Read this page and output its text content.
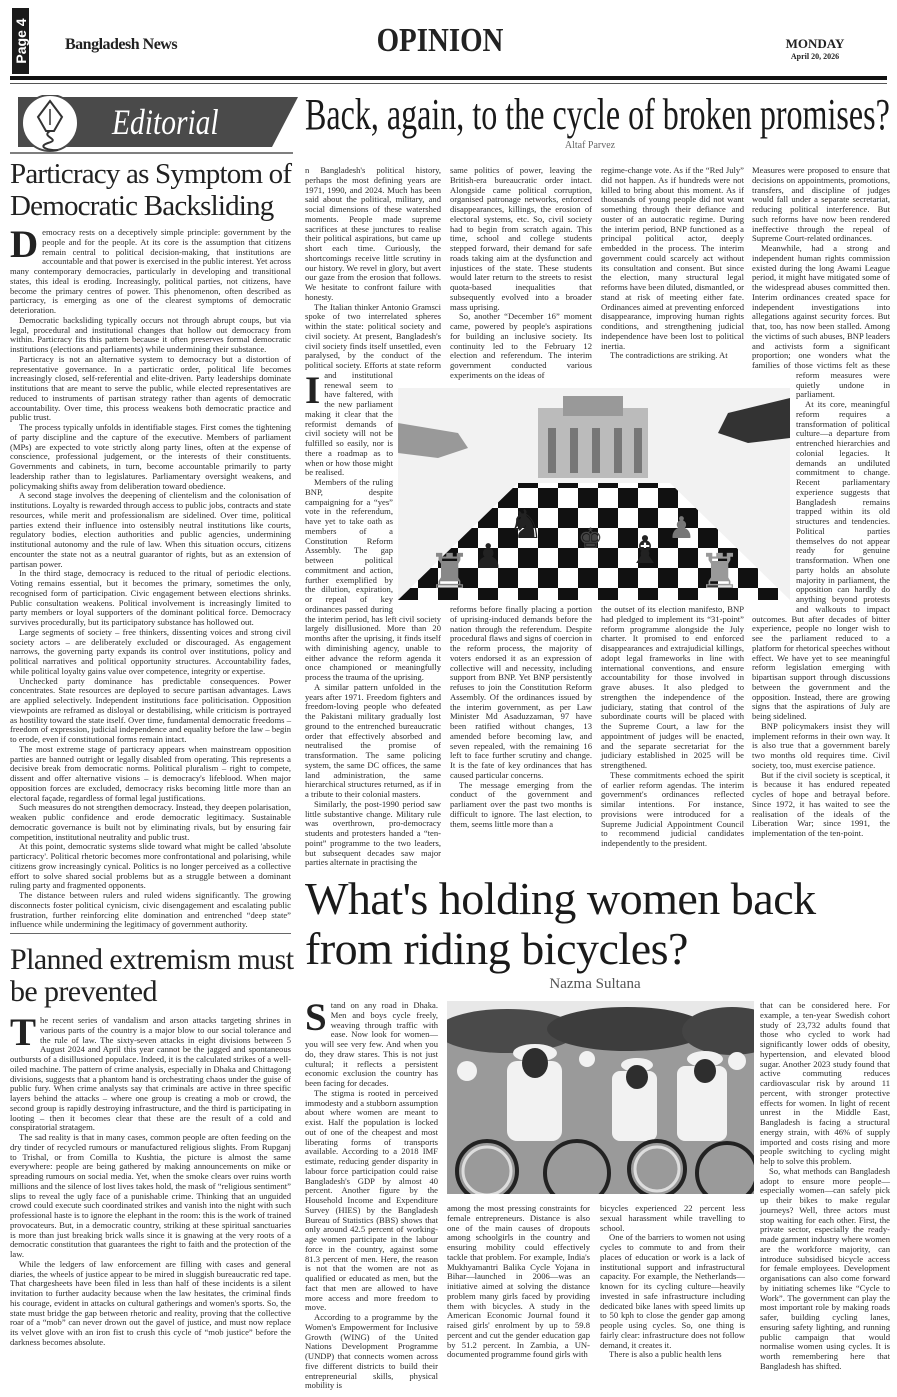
Page 4 Bangladesh News	OPINION	MONDAY
April 20, 2026
Editorial
Particracy as Symptom of Democratic Backsliding

Democracy rests on a deceptively simple principle: government by the people and for the people. At its core is the assumption that citizens remain central to political decision-making, that institutions are accountable and that power is exercised in the public interest. Yet across many contemporary democracies, particularly in developing and transitional states, this ideal is eroding. Increasingly, political parties, not citizens, have become the primary centres of power. This phenomenon, often described as particracy, is emerging as one of the clearest symptoms of democratic deterioration.

Democratic backsliding typically occurs not through abrupt coups, but via legal, procedural and institutional changes that hollow out democracy from within. Particracy fits this pattern because it often preserves formal democratic institutions (elections and parliaments) while undermining their substance.

Particracy is not an alternative system to democracy but a distortion of representative governance. In a particratic order, political life becomes increasingly closed, self-referential and elite-driven. Party leaderships dominate institutions that are meant to serve the public, while elected representatives are reduced to instruments of partisan strategy rather than agents of democratic accountability. Over time, this process weakens both democratic practice and public trust.

The process typically unfolds in identifiable stages. First comes the tightening of party discipline and the capture of the executive. Members of parliament (MPs) are expected to vote strictly along party lines, often at the expense of conscience, professional judgement, or the interests of their constituents. Governments and cabinets, in turn, become accountable primarily to party leadership rather than to legislatures. Parliamentary oversight weakens, and policymaking shifts away from deliberation toward obedience.

A second stage involves the deepening of clientelism and the colonisation of institutions. Loyalty is rewarded through access to public jobs, contracts and state resources, while merit and professionalism are sidelined. Over time, political parties extend their influence into ostensibly neutral institutions like courts, regulatory bodies, election authorities and public agencies, undermining institutional autonomy and the rule of law. When this situation occurs, citizens encounter the state not as a neutral guarantor of rights, but as an extension of partisan power.

In the third stage, democracy is reduced to the ritual of periodic elections. Voting remains essential, but it becomes the primary, sometimes the only, recognised form of participation. Civic engagement between elections shrinks. Public consultation weakens. Political involvement is increasingly limited to party members or loyal supporters of the dominant political force. Democracy survives procedurally, but its participatory substance has hollowed out.

Large segments of society – free thinkers, dissenting voices and strong civil society actors – are deliberately excluded or discouraged. As engagement narrows, the governing party expands its control over institutions, policy and political narratives and political opportunity structures. Accountability fades, while political loyalty gains value over competence, integrity or expertise.

Unchecked party dominance has predictable consequences. Power concentrates. State resources are deployed to secure partisan advantages. Laws are applied selectively. Independent institutions face politicisation. Opposition viewpoints are reframed as disloyal or destabilising, while criticism is portrayed as hostility toward the state itself. Over time, fundamental democratic freedoms – freedom of expression, judicial independence and equality before the law – begin to erode, even if constitutional forms remain intact.

The most extreme stage of particracy appears when mainstream opposition parties are banned outright or legally disabled from operating. This represents a decisive break from democratic norms. Political pluralism – right to compete, dissent and offer alternative visions – is democracy's lifeblood. When major opposition forces are excluded, democracy risks becoming little more than an electoral façade, regardless of formal legal justifications.

Such measures do not strengthen democracy. Instead, they deepen polarisation, weaken public confidence and erode democratic legitimacy. Sustainable democratic governance is built not by eliminating rivals, but by ensuring fair competition, institutional neutrality and public trust.

At this point, democratic systems slide toward what might be called 'absolute particracy'. Political rhetoric becomes more confrontational and polarising, while citizens grow increasingly cynical. Politics is no longer perceived as a collective effort to solve shared social problems but as a struggle between a dominant ruling party and fragmented opponents.

The distance between rulers and ruled widens significantly. The growing disconnects foster political cynicism, civic disengagement and escalating public frustration, further reinforcing elite domination and entrenched “deep state” influence while undermining the legitimacy of government authority.

Planned extremism must be prevented

The recent series of vandalism and arson attacks targeting shrines in various parts of the country is a major blow to our social tolerance and the rule of law. The sixty-seven attacks in eight divisions between 5 August 2024 and April this year cannot be the jagged and spontaneous outbursts of a disillusioned populace. Indeed, it is the calculated strikes of a well-oiled machine. The pattern of crime analysis, especially in Dhaka and Chittagong divisions, suggests that a phantom hand is orchestrating chaos under the guise of public fury. When crime analysts say that criminals are active in three specific layers behind the attacks – where one group is creating a mob or crowd, the second group is rapidly destroying infrastructure, and the third is participating in looting – then it becomes clear that these are the result of a cold and conspiratorial stratagem.

The sad reality is that in many cases, common people are often feeding on the dry tinder of recycled rumours or manufactured religious slights. From Rupganj to Trishal, or from Comilla to Kushtia, the picture is almost the same everywhere: people are being gathered by making announcements on mike or spreading rumours on social media. Yet, when the smoke clears over ruins worth millions and the silence of lost lives takes hold, the mask of “religious sentiment” slips to reveal the ugly face of a punishable crime. Thinking that an unguided crowd could execute such coordinated strikes and vanish into the night with such professional haste is to ignore the elephant in the room: this is the work of trained provocateurs. But, in a democratic country, striking at these spiritual sanctuaries is more than just breaking brick walls since it is gnawing at the very roots of a democratic constitution that guarantees the right to faith and the protection of the law.

While the ledgers of law enforcement are filling with cases and general diaries, the wheels of justice appear to be mired in sluggish bureaucratic red tape. That chargesheets have been filed in less than half of these incidents is a silent invitation to further audacity because when the law hesitates, the criminal finds his courage, evident in attacks on cultural gatherings and women's sports. So, the state must bridge the gap between rhetoric and reality, proving that the collective roar of a “mob” can never drown out the gavel of justice, and must now replace its velvet glove with an iron fist to crush this cycle of “mob justice” before the darkness becomes absolute.

Back, again, to the cycle of broken promises?
Altaf Parvez

In Bangladesh's political history, perhaps the most defining years are 1971, 1990, and 2024. Much has been said about the political, military, and social dimensions of these watershed moments. People made supreme sacrifices at these junctures to realise their political aspirations, but came up short each time. Curiously, the shortcomings receive little scrutiny in our history. We revel in glory, but avert our gaze from the erosion that follows. We hesitate to confront failure with honesty.

The Italian thinker Antonio Gramsci spoke of two interrelated spheres within the state: political society and civil society. At present, Bangladesh's civil society finds itself unsettled, even paralysed, by the conduct of the political society. Efforts at state reform and institutional renewal seem to have faltered, with the new parliament making it clear that the reformist demands of civil society will not be fulfilled so easily, nor is there a roadmap as to when or how those might be realised.

Members of the ruling BNP, despite campaigning for a “yes” vote in the referendum, have yet to take oath as members of a Constitution Reform Assembly. The gap between political commitment and action, further exemplified by the dilution, expiration, or repeal of key ordinances passed during the interim period, has left civil society largely disillusioned. More than 20 months after the uprising, it finds itself with diminishing agency, unable to either advance the reform agenda it once championed or meaningfully process the trauma of the uprising.

A similar pattern unfolded in the years after 1971. Freedom fighters and freedom-loving people who defeated the Pakistani military gradually lost ground to the entrenched bureaucratic order that effectively absorbed and neutralised the promise of transformation. The same policing system, the same DC offices, the same land administration, the same hierarchical structures returned, as if in a tribute to their colonial masters.

Similarly, the post-1990 period saw little substantive change. Military rule was overthrown, pro-democracy students and protesters handed a “ten-point” programme to the two leaders, but subsequent decades saw major parties alternate in practising the

same politics of power, leaving the British-era bureaucratic order intact. Alongside came political corruption, organised patronage networks, enforced disappearances, killings, the erosion of electoral systems, etc. So, civil society had to begin from scratch again. This time, school and college students stepped forward, their demand for safe roads taking aim at the dysfunction and injustices of the state. These students would later return to the streets to resist quota-based inequalities that subsequently evolved into a broader mass uprising.

So, another “December 16” moment came, powered by people's aspirations for building an inclusive society. Its continuity led to the February 12 election and referendum. The interim government conducted various experiments on the ideas of

reforms before finally placing a portion of uprising-induced demands before the nation through the referendum. Despite procedural flaws and signs of coercion in the reform process, the majority of voters endorsed it as an expression of collective will and necessity, including support from BNP. Yet BNP persistently refuses to join the Constitution Reform Assembly. Of the ordinances issued by the interim government, as per Law Minister Md Asaduzzaman, 97 have been ratified without changes, 13 amended before becoming law, and seven repealed, with the remaining 16 left to face further scrutiny and change. It is the fate of key ordinances that has caused particular concerns.

The message emerging from the conduct of the government and parliament over the past two months is difficult to ignore. The last election, to them, seems little more than a

regime-change vote. As if the “Red July” did not happen. As if hundreds were not killed to bring about this moment. As if thousands of young people did not want something through their defiance and ouster of an autocratic regime. During the interim period, BNP functioned as a principal political actor, deeply embedded in the process. The interim government could scarcely act without its consultation and consent. But since the election, many structural legal reforms have been diluted, dismantled, or stand at risk of meeting either fate. Ordinances aimed at preventing enforced disappearance, improving human rights conditions, and strengthening judicial independence have been lost to political inertia.

The contradictions are striking. At

the outset of its election manifesto, BNP had pledged to implement its “31-point” reform programme alongside the July charter. It promised to end enforced disappearances and extrajudicial killings, adopt legal frameworks in line with international conventions, and ensure accountability for those involved in grave abuses. It also pledged to strengthen the independence of the judiciary, stating that control of the subordinate courts will be placed with the Supreme Court, a law for the appointment of judges will be enacted, and the separate secretariat for the judiciary established in 2025 will be strengthened.

These commitments echoed the spirit of earlier reform agendas. The interim government's ordinances reflected similar intentions. For instance, provisions were introduced for a Supreme Judicial Appointment Council to recommend judicial candidates independently to the president.

Measures were proposed to ensure that decisions on appointments, promotions, transfers, and discipline of judges would fall under a separate secretariat, reducing political interference. But such reforms have now been rendered ineffective through the repeal of Supreme Court-related ordinances.

Meanwhile, had a strong and independent human rights commission existed during the long Awami League period, it might have mitigated some of the widespread abuses committed then. Interim ordinances created space for independent investigations into allegations against security forces. But that, too, has now been stalled. Among the victims of such abuses, BNP leaders and activists form a significant proportion; one wonders what the families of those victims felt as these reform measures were quietly undone in parliament.

At its core, meaningful reform requires a transformation of political culture—a departure from entrenched hierarchies and colonial legacies. It demands an undiluted commitment to change. Recent parliamentary experience suggests that Bangladesh remains trapped within its old structures and tendencies. Political parties themselves do not appear ready for genuine transformation. When one party holds an absolute majority in parliament, the opposition can hardly do anything beyond protests and walkouts to impact outcomes. But after decades of bitter experience, people no longer wish to see the parliament reduced to a platform for rhetorical speeches without effect. We have yet to see meaningful reform legislation emerging with bipartisan support through discussions between the government and the opposition. Instead, there are growing signs that the aspirations of July are being sidelined.

BNP policymakers insist they will implement reforms in their own way. It is also true that a government barely two months old requires time. Civil society, too, must exercise patience.

But if the civil society is sceptical, it is because it has endured repeated cycles of hope and betrayal before. Since 1972, it has waited to see the realisation of the ideals of the Liberation War; since 1991, the implementation of the ten-point.

♜ ♟
♞ ♚ ♝ ♜
♟
What's holding women back from riding bicycles?
Nazma Sultana

Stand on any road in Dhaka. Men and boys cycle freely, weaving through traffic with ease. Now look for women—you will see very few. And when you do, they draw stares. This is not just cultural; it reflects a persistent economic exclusion the country has been facing for decades.

The stigma is rooted in perceived immodesty and a stubborn assumption about where women are meant to exist. Half the population is locked out of one of the cheapest and most liberating forms of transports available. According to a 2018 IMF estimate, reducing gender disparity in labour force participation could raise Bangladesh's GDP by almost 40 percent. Another figure by the Household Income and Expenditure Survey (HIES) by the Bangladesh Bureau of Statistics (BBS) shows that only around 42.5 percent of working-age women participate in the labour force in the country, against some 81.3 percent of men. Here, the reason is not that the women are not as qualified or educated as men, but the fact that men are allowed to have more access and more freedom to move.

According to a programme by the Women's Empowerment for Inclusive Growth (WING) of the United Nations Development Programme (UNDP) that connects women across five different districts to build their entrepreneurial skills, physical mobility is

among the most pressing constraints for female entrepreneurs. Distance is also one of the main causes of dropouts among schoolgirls in the country and ensuring mobility could effectively tackle that problem. For example, India's Mukhyamantri Balika Cycle Yojana in Bihar—launched in 2006—was an initiative aimed at solving the distance problem many girls faced by providing them with bicycles. A study in the American Economic Journal found it raised girls' enrolment by up to 59.8 percent and cut the gender education gap by 51.2 percent. In Zambia, a UN-documented programme found girls with

bicycles experienced 22 percent less sexual harassment while travelling to school.

One of the barriers to women not using cycles to commute to and from their places of education or work is a lack of institutional support and infrastructural capacity. For example, the Netherlands—known for its cycling culture—heavily invested in safe infrastructure including dedicated bike lanes with speed limits up to 50 kph to close the gender gap among people using cycles. So, one thing is fairly clear: infrastructure does not follow demand, it creates it.

There is also a public health lens

that can be considered here. For example, a ten-year Swedish cohort study of 23,732 adults found that those who cycled to work had significantly lower odds of obesity, hypertension, and elevated blood sugar. Another 2023 study found that active commuting reduces cardiovascular risk by around 11 percent, with stronger protective effects for women. In light of recent unrest in the Middle East, Bangladesh is facing a structural energy strain, with 46% of supply imported and costs rising and more people switching to cycling might help to solve this problem.

So, what methods can Bangladesh adopt to ensure more people—especially women—can safely pick up their bikes to make regular journeys? Well, three actors must stop waiting for each other. First, the private sector, especially the ready-made garment industry where women are the workforce majority, can introduce subsidised bicycle access for female employees. Development organisations can also come forward by initiating schemes like “Cycle to Work”. The government can play the most important role by making roads safer, building cycling lanes, ensuring safety lighting, and running public campaign that would normalise women using cycles. It is worth remembering here that Bangladesh has shifted.
